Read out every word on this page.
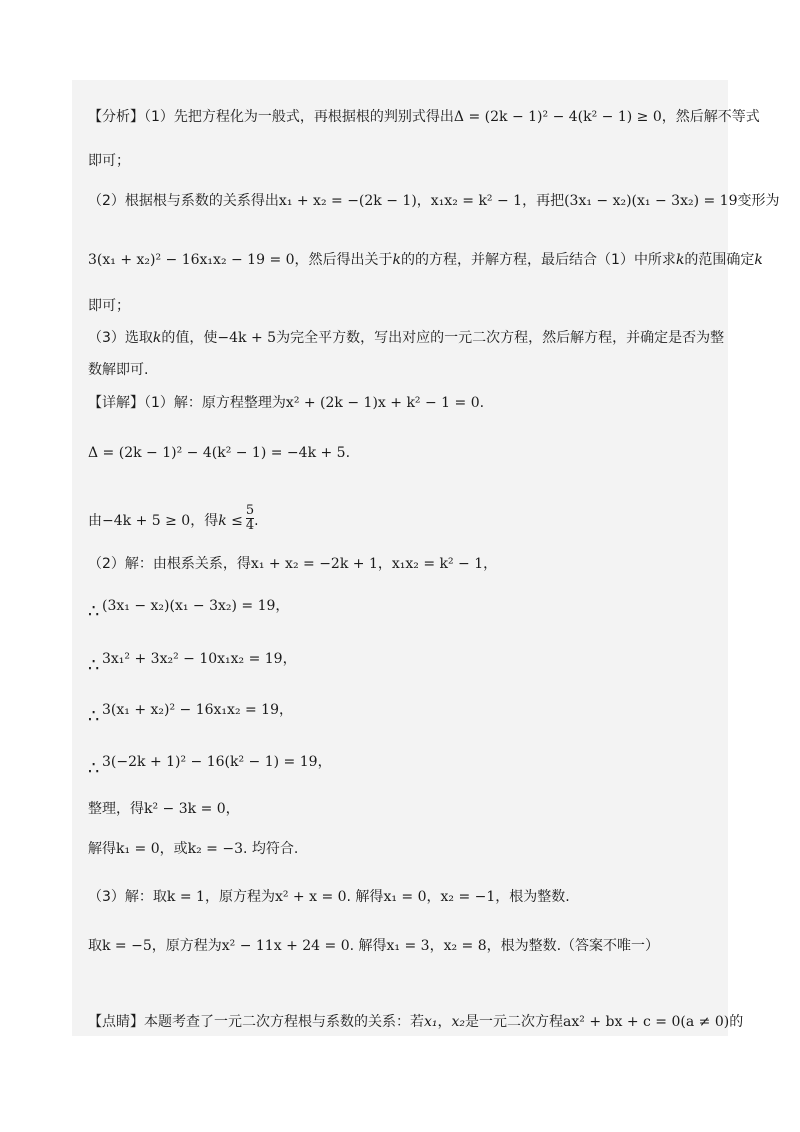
【分析】（1）先把方程化为一般式，再根据根的判别式得出Δ = (2k − 1)² − 4(k² − 1) ≥ 0，然后解不等式
即可；
（2）根据根与系数的关系得出x₁ + x₂ = −(2k − 1)，x₁x₂ = k² − 1，再把(3x₁ − x₂)(x₁ − 3x₂) = 19变形为
3(x₁ + x₂)² − 16x₁x₂ − 19 = 0，然后得出关于k的的方程，并解方程，最后结合（1）中所求k的范围确定k
即可；
（3）选取k的值，使−4k + 5为完全平方数，写出对应的一元二次方程，然后解方程，并确定是否为整
数解即可.
【详解】（1）解：原方程整理为x² + (2k − 1)x + k² − 1 = 0.
Δ = (2k − 1)² − 4(k² − 1) = −4k + 5.
由−4k + 5 ≥ 0，得$k \le \frac{5}{4}$ .
（2）解：由根系关系，得x₁ + x₂ = −2k + 1，x₁x₂ = k² − 1，
∴ (3x₁ − x₂)(x₁ − 3x₂) = 19，
∴ 3x₁² + 3x₂² − 10x₁x₂ = 19，
∴ 3(x₁ + x₂)² − 16x₁x₂ = 19，
∴ 3(−2k + 1)² − 16(k² − 1) = 19，
整理，得k² − 3k = 0，
解得k₁ = 0，或k₂ = −3. 均符合.
（3）解：取k = 1，原方程为x² + x = 0. 解得x₁ = 0，x₂ = −1，根为整数.
取k = −5，原方程为x² − 11x + 24 = 0. 解得x₁ = 3，x₂ = 8，根为整数.（答案不唯一）
【点睛】本题考查了一元二次方程根与系数的关系：若x₁，x₂是一元二次方程ax² + bx + c = 0(a ≠ 0)的
